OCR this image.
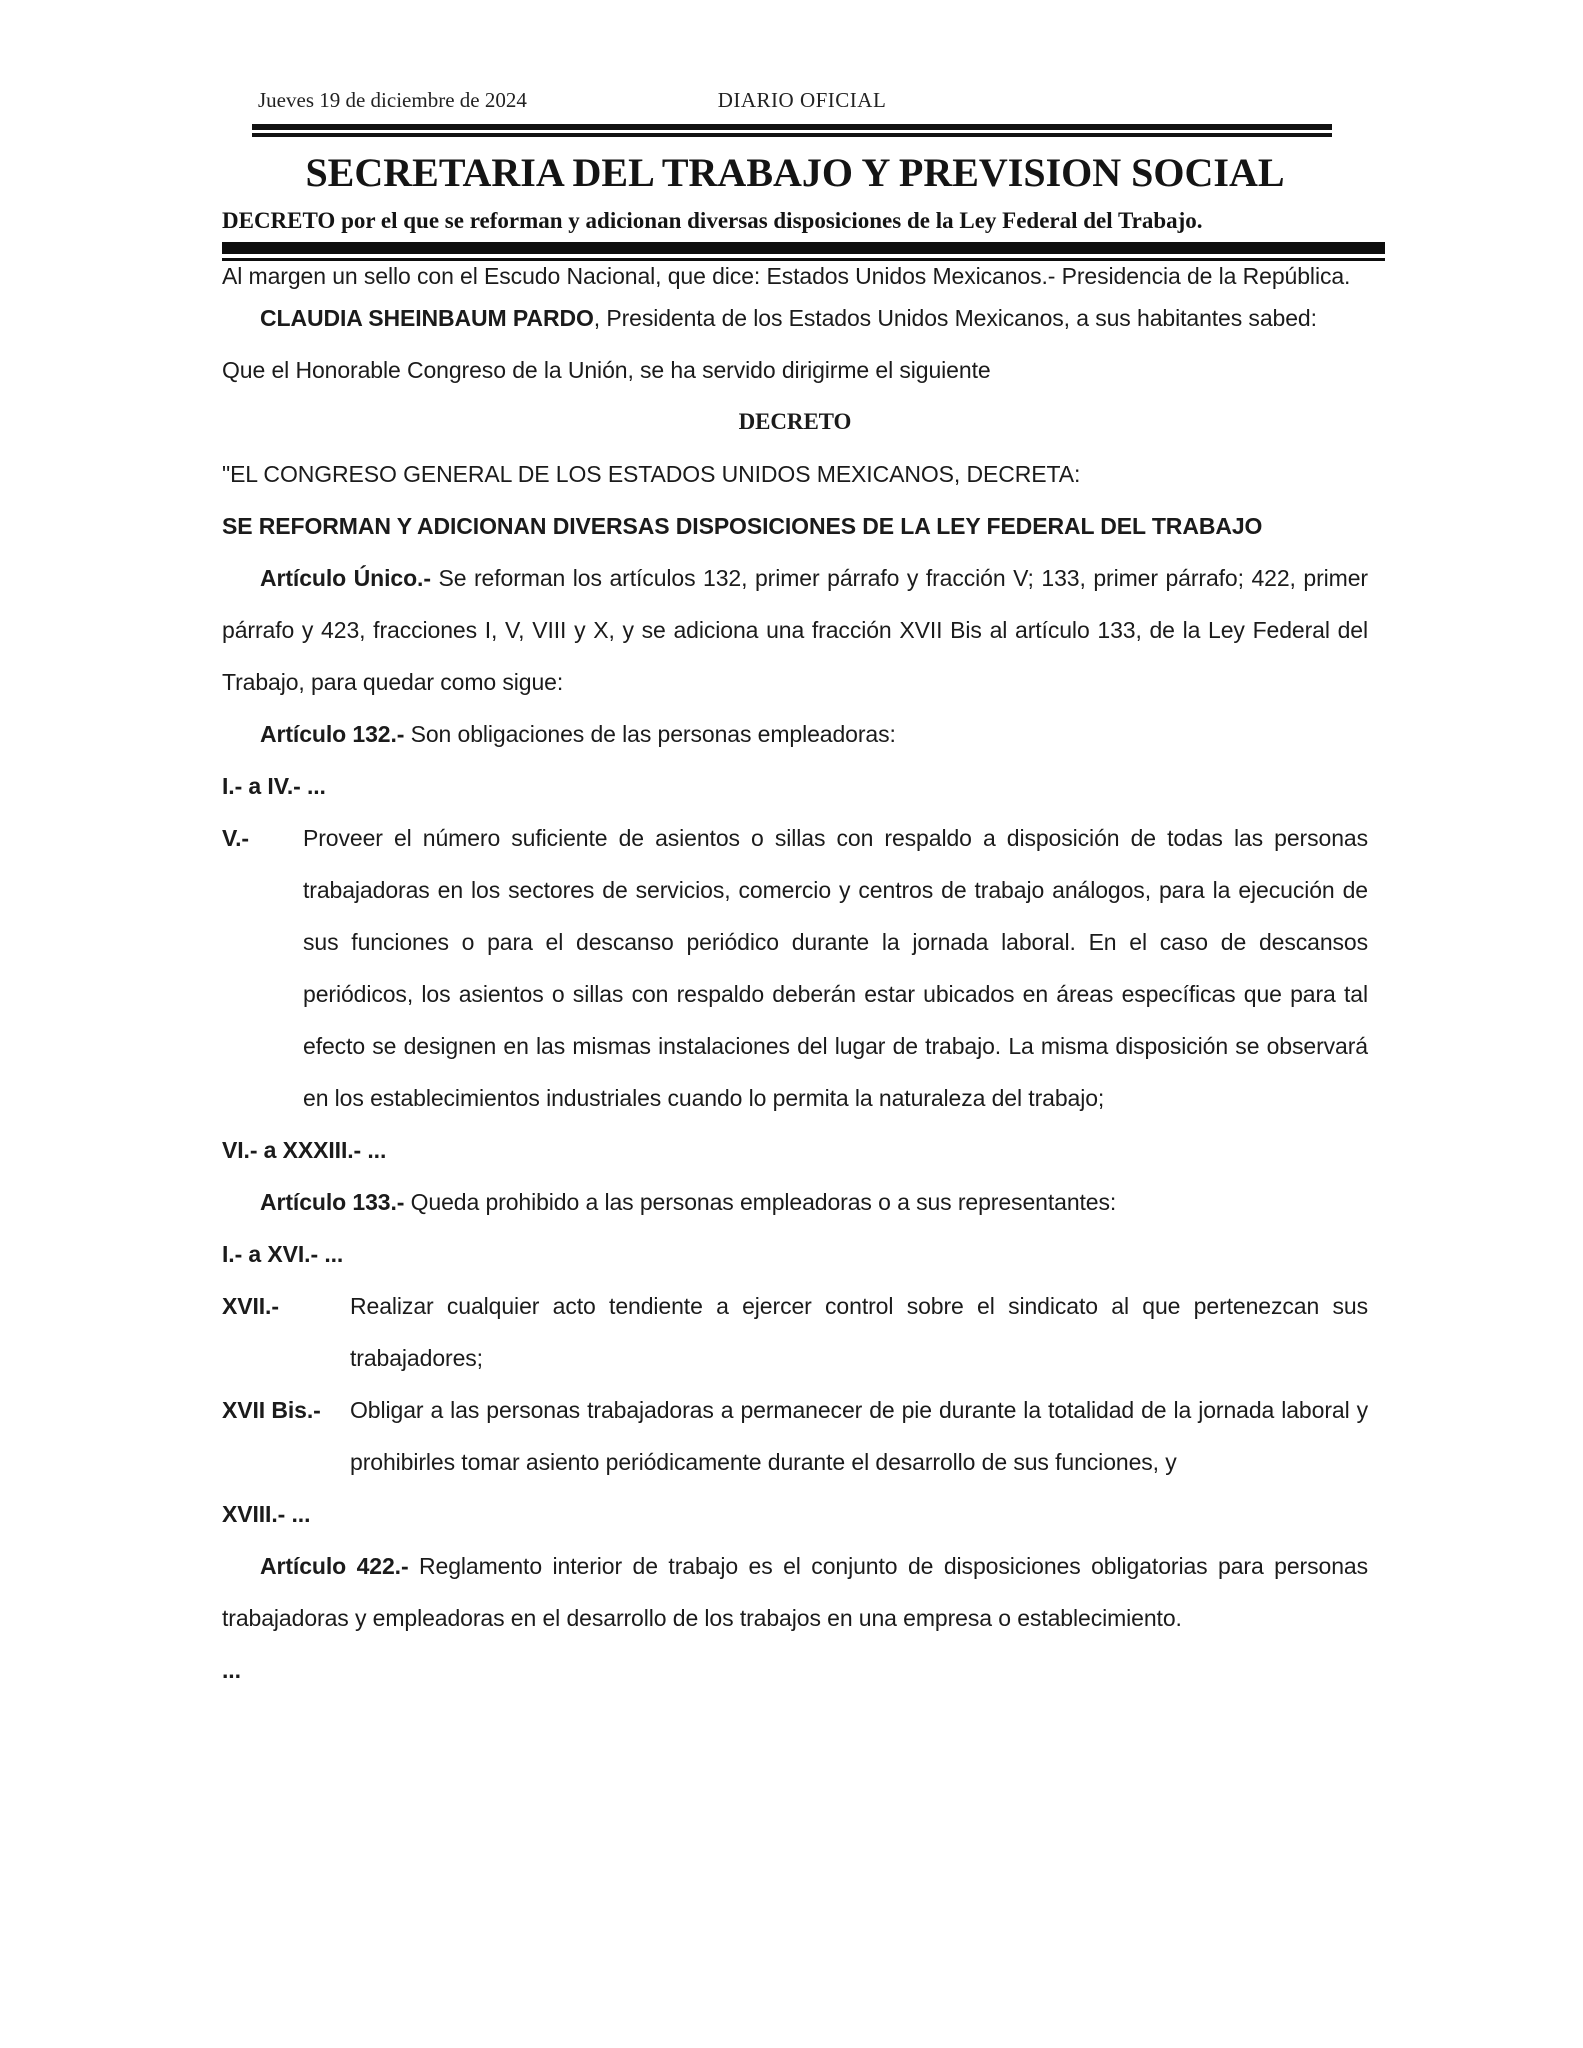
Jueves 19 de diciembre de 2024	DIARIO OFICIAL
SECRETARIA DEL TRABAJO Y PREVISION SOCIAL
DECRETO por el que se reforman y adicionan diversas disposiciones de la Ley Federal del Trabajo.

Al margen un sello con el Escudo Nacional, que dice: Estados Unidos Mexicanos.- Presidencia de la República.

CLAUDIA SHEINBAUM PARDO, Presidenta de los Estados Unidos Mexicanos, a sus habitantes sabed:

Que el Honorable Congreso de la Unión, se ha servido dirigirme el siguiente

DECRETO

"EL CONGRESO GENERAL DE LOS ESTADOS UNIDOS MEXICANOS, DECRETA:

SE REFORMAN Y ADICIONAN DIVERSAS DISPOSICIONES DE LA LEY FEDERAL DEL TRABAJO

Artículo Único.- Se reforman los artículos 132, primer párrafo y fracción V; 133, primer párrafo; 422, primer párrafo y 423, fracciones I, V, VIII y X, y se adiciona una fracción XVII Bis al artículo 133, de la Ley Federal del Trabajo, para quedar como sigue:

Artículo 132.- Son obligaciones de las personas empleadoras:

I.- a IV.- ...

V.-	Proveer el número suficiente de asientos o sillas con respaldo a disposición de todas las personas trabajadoras en los sectores de servicios, comercio y centros de trabajo análogos, para la ejecución de sus funciones o para el descanso periódico durante la jornada laboral. En el caso de descansos periódicos, los asientos o sillas con respaldo deberán estar ubicados en áreas específicas que para tal efecto se designen en las mismas instalaciones del lugar de trabajo. La misma disposición se observará en los establecimientos industriales cuando lo permita la naturaleza del trabajo;

VI.- a XXXIII.- ...

Artículo 133.- Queda prohibido a las personas empleadoras o a sus representantes:

I.- a XVI.- ...

XVII.-	Realizar cualquier acto tendiente a ejercer control sobre el sindicato al que pertenezcan sus trabajadores;
XVII Bis.-	Obligar a las personas trabajadoras a permanecer de pie durante la totalidad de la jornada laboral y prohibirles tomar asiento periódicamente durante el desarrollo de sus funciones, y

XVIII.- ...

Artículo 422.- Reglamento interior de trabajo es el conjunto de disposiciones obligatorias para personas trabajadoras y empleadoras en el desarrollo de los trabajos en una empresa o establecimiento.

...
